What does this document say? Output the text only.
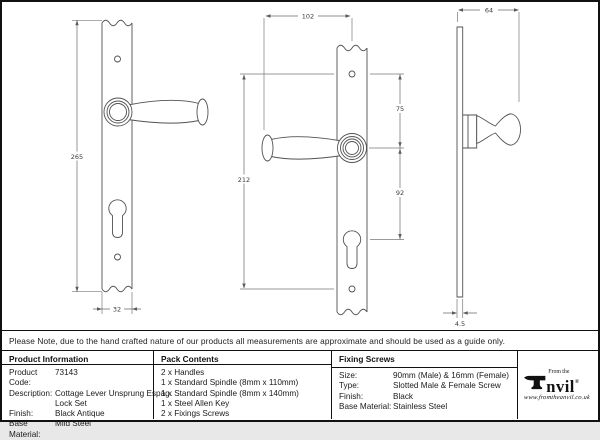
265
32
102
212
75
92
64
4.5
Please Note, due to the hand crafted nature of our products all measurements are approximate and should be used as a guide only.
Product Information
Product Code:
73143
Description: Cottage Lever Unsprung Espag.
Lock Set
Finish:	Black Antique
Base Material:
Mild Steel
Pack Contents
2 x Handles
1 x Standard Spindle (8mm x 110mm)
1 x Standard Spindle (8mm x 140mm)
1 x Steel Allen Key
2 x Fixings Screws
Fixing Screws
Size:	90mm (Male) & 16mm (Female)
Type:	Slotted Male & Female Screw
Finish:	Black
Base Material: Stainless Steel
From the
nvil®
www.fromtheanvil.co.uk
